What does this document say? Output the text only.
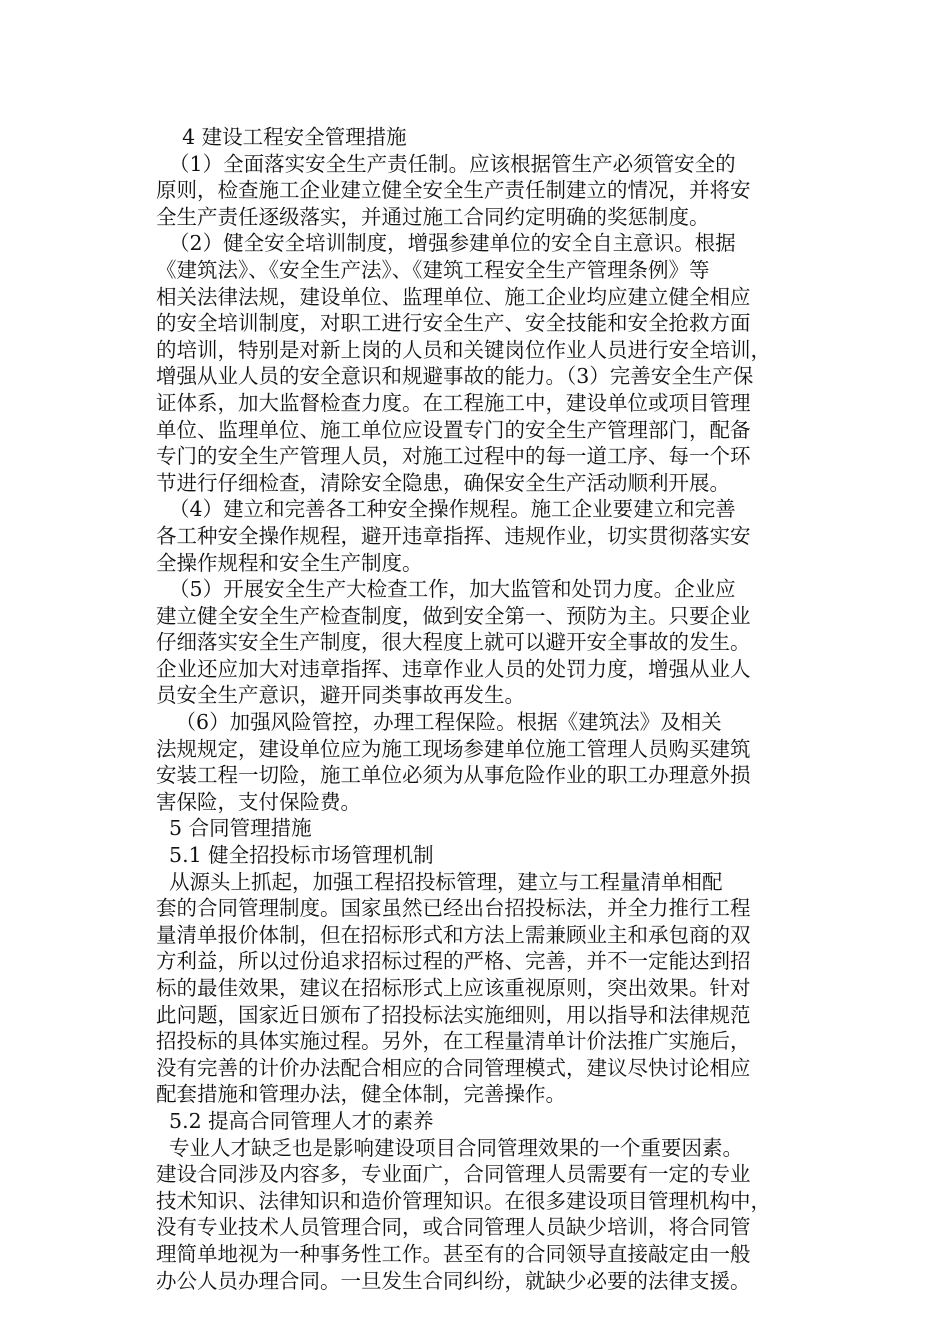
4 建设工程安全管理措施
（1）全面落实安全生产责任制。应该根据管生产必须管安全的
原则，检查施工企业建立健全安全生产责任制建立的情况，并将安
全生产责任逐级落实，并通过施工合同约定明确的奖惩制度。
（2）健全安全培训制度，增强参建单位的安全自主意识。根据
《建筑法》、《安全生产法》、《建筑工程安全生产管理条例》等
相关法律法规，建设单位、监理单位、施工企业均应建立健全相应
的安全培训制度，对职工进行安全生产、安全技能和安全抢救方面
的培训，特别是对新上岗的人员和关键岗位作业人员进行安全培训，
增强从业人员的安全意识和规避事故的能力。（3）完善安全生产保
证体系，加大监督检查力度。在工程施工中，建设单位或项目管理
单位、监理单位、施工单位应设置专门的安全生产管理部门，配备
专门的安全生产管理人员，对施工过程中的每一道工序、每一个环
节进行仔细检查，清除安全隐患，确保安全生产活动顺利开展。
（4）建立和完善各工种安全操作规程。施工企业要建立和完善
各工种安全操作规程，避开违章指挥、违规作业，切实贯彻落实安
全操作规程和安全生产制度。
（5）开展安全生产大检查工作，加大监管和处罚力度。企业应
建立健全安全生产检查制度，做到安全第一、预防为主。只要企业
仔细落实安全生产制度，很大程度上就可以避开安全事故的发生。
企业还应加大对违章指挥、违章作业人员的处罚力度，增强从业人
员安全生产意识，避开同类事故再发生。
（6）加强风险管控，办理工程保险。根据《建筑法》及相关
法规规定，建设单位应为施工现场参建单位施工管理人员购买建筑
安装工程一切险，施工单位必须为从事危险作业的职工办理意外损
害保险，支付保险费。
5 合同管理措施
5.1 健全招投标市场管理机制
从源头上抓起，加强工程招投标管理，建立与工程量清单相配
套的合同管理制度。国家虽然已经出台招投标法，并全力推行工程
量清单报价体制，但在招标形式和方法上需兼顾业主和承包商的双
方利益，所以过份追求招标过程的严格、完善，并不一定能达到招
标的最佳效果，建议在招标形式上应该重视原则，突出效果。针对
此问题，国家近日颁布了招投标法实施细则，用以指导和法律规范
招投标的具体实施过程。另外，在工程量清单计价法推广实施后，
没有完善的计价办法配合相应的合同管理模式，建议尽快讨论相应
配套措施和管理办法，健全体制，完善操作。
5.2 提高合同管理人才的素养
专业人才缺乏也是影响建设项目合同管理效果的一个重要因素。
建设合同涉及内容多，专业面广，合同管理人员需要有一定的专业
技术知识、法律知识和造价管理知识。在很多建设项目管理机构中，
没有专业技术人员管理合同，或合同管理人员缺少培训，将合同管
理简单地视为一种事务性工作。甚至有的合同领导直接敲定由一般
办公人员办理合同。一旦发生合同纠纷，就缺少必要的法律支援。
